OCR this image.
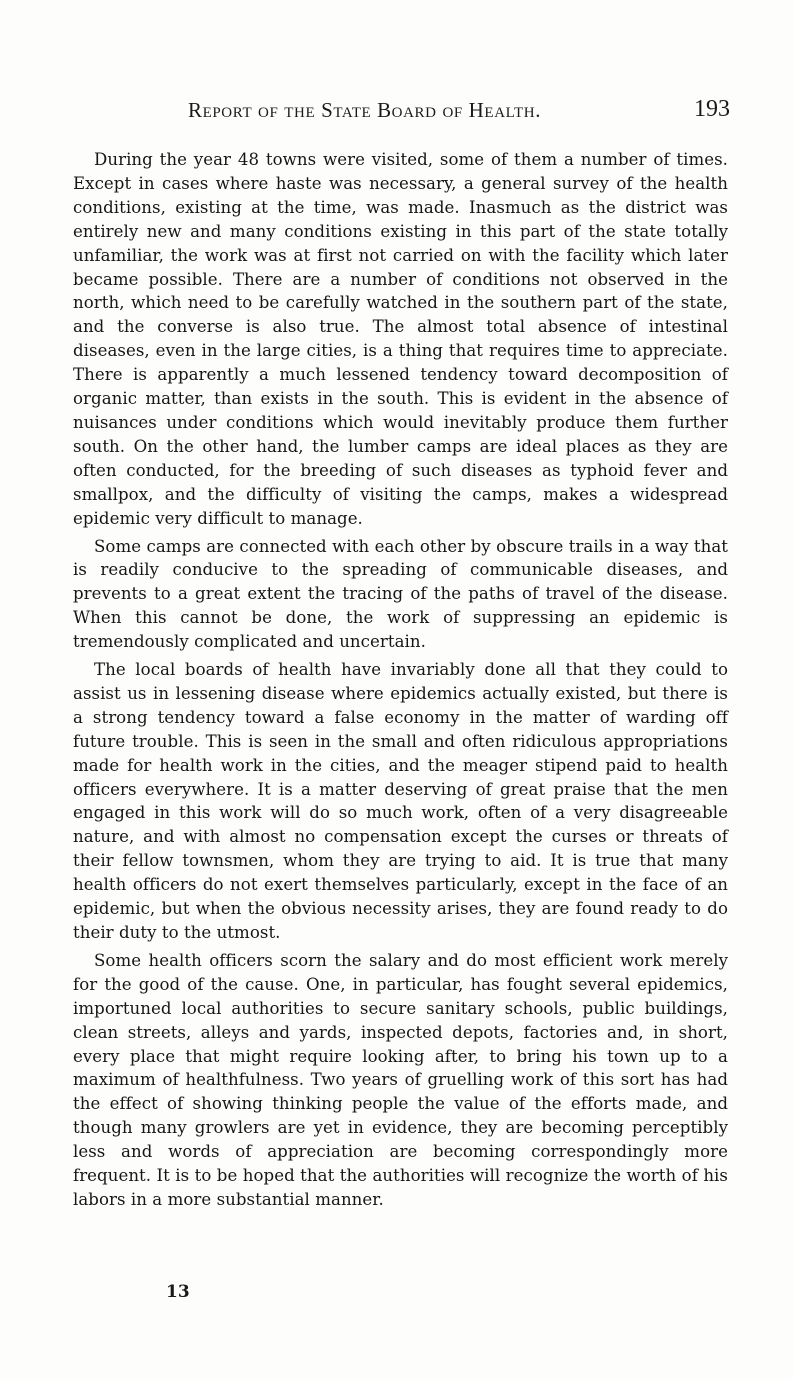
Report of the State Board of Health.	193

During the year 48 towns were visited, some of them a number of times. Except in cases where haste was necessary, a general survey of the health conditions, existing at the time, was made. Inasmuch as the district was entirely new and many conditions existing in this part of the state totally unfamiliar, the work was at first not carried on with the facility which later became possible. There are a number of conditions not observed in the north, which need to be carefully watched in the southern part of the state, and the converse is also true. The almost total absence of intestinal diseases, even in the large cities, is a thing that requires time to appreciate. There is apparently a much lessened tendency toward decomposition of organic matter, than exists in the south. This is evident in the absence of nuisances under conditions which would inevitably produce them further south. On the other hand, the lumber camps are ideal places as they are often conducted, for the breeding of such diseases as typhoid fever and smallpox, and the difficulty of visiting the camps, makes a widespread epidemic very difficult to manage.

Some camps are connected with each other by obscure trails in a way that is readily conducive to the spreading of communicable diseases, and prevents to a great extent the tracing of the paths of travel of the disease. When this cannot be done, the work of suppressing an epidemic is tremendously complicated and uncertain.

The local boards of health have invariably done all that they could to assist us in lessening disease where epidemics actually existed, but there is a strong tendency toward a false economy in the matter of warding off future trouble. This is seen in the small and often ridiculous appropriations made for health work in the cities, and the meager stipend paid to health officers everywhere. It is a matter deserving of great praise that the men engaged in this work will do so much work, often of a very disagreeable nature, and with almost no compensation except the curses or threats of their fellow townsmen, whom they are trying to aid. It is true that many health officers do not exert themselves particularly, except in the face of an epidemic, but when the obvious necessity arises, they are found ready to do their duty to the utmost.

Some health officers scorn the salary and do most efficient work merely for the good of the cause. One, in particular, has fought several epidemics, importuned local authorities to secure sanitary schools, public buildings, clean streets, alleys and yards, inspected depots, factories and, in short, every place that might require looking after, to bring his town up to a maximum of healthfulness. Two years of gruelling work of this sort has had the effect of showing thinking people the value of the efforts made, and though many growlers are yet in evidence, they are becoming perceptibly less and words of appreciation are becoming correspondingly more frequent. It is to be hoped that the authorities will recognize the worth of his labors in a more substantial manner.

13
